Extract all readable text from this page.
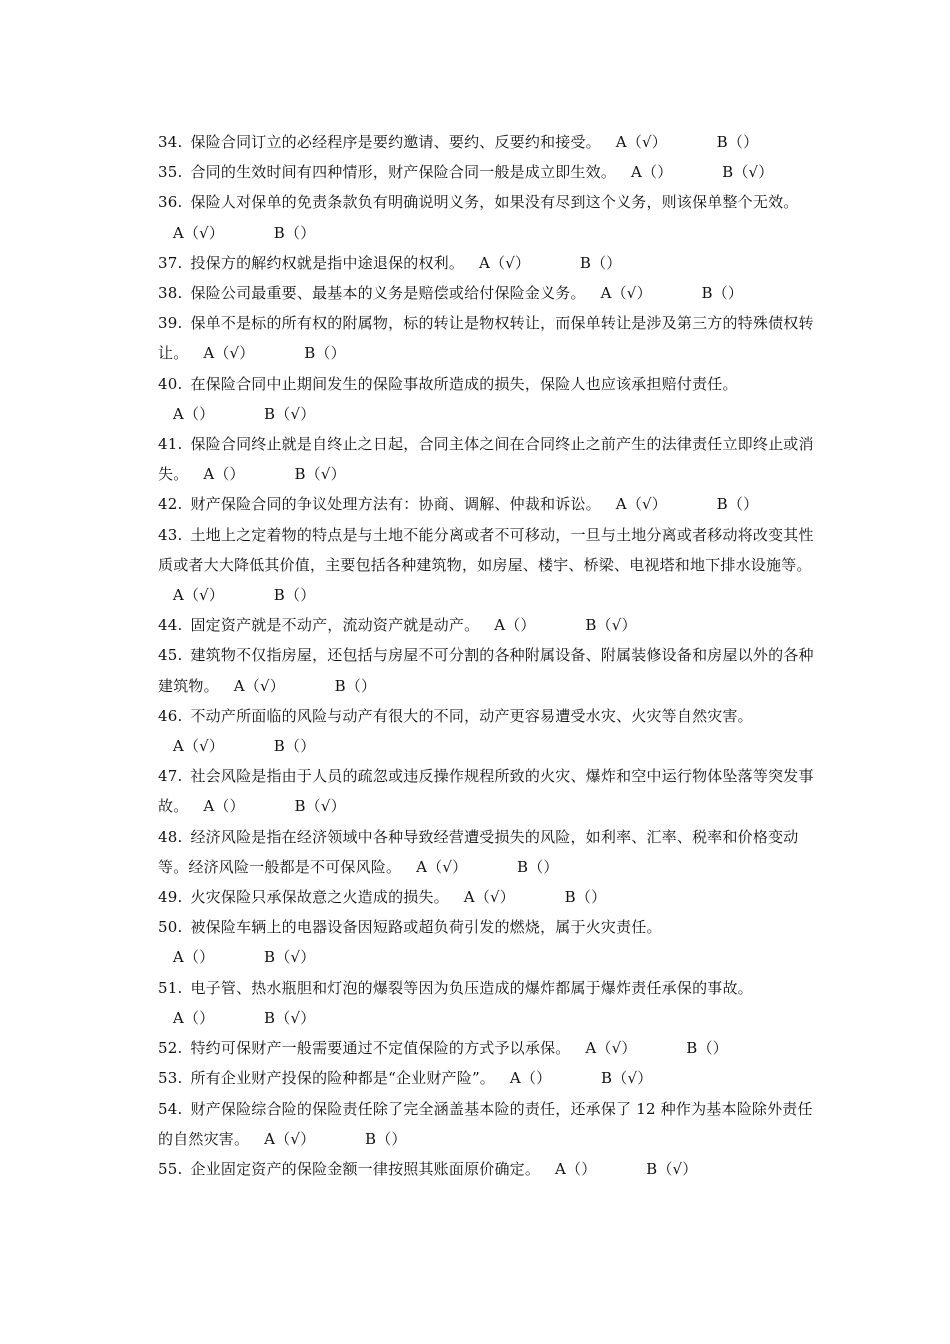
34. 保险合同订立的必经程序是要约邀请、要约、反要约和接受。 A（√）	B（）

35. 合同的生效时间有四种情形，财产保险合同一般是成立即生效。 A（）	B（√）

36. 保险人对保单的免责条款负有明确说明义务，如果没有尽到这个义务，则该保单整个无效。   A（√）	B（）

37. 投保方的解约权就是指中途退保的权利。 A（√）	B（）

38. 保险公司最重要、最基本的义务是赔偿或给付保险金义务。 A（√）	B（）

39. 保单不是标的所有权的附属物，标的转让是物权转让，而保单转让是涉及第三方的特殊债权转让。 A（√）	B（）

40. 在保险合同中止期间发生的保险事故所造成的损失，保险人也应该承担赔付责任。   A（）	B（√）

41. 保险合同终止就是自终止之日起，合同主体之间在合同终止之前产生的法律责任立即终止或消失。 A（）	B（√）

42. 财产保险合同的争议处理方法有：协商、调解、仲裁和诉讼。 A（√）	B（）

43. 土地上之定着物的特点是与土地不能分离或者不可移动，一旦与土地分离或者移动将改变其性质或者大大降低其价值，主要包括各种建筑物，如房屋、楼宇、桥梁、电视塔和地下排水设施等。   A（√）	B（）

44. 固定资产就是不动产，流动资产就是动产。 A（）	B（√）

45. 建筑物不仅指房屋，还包括与房屋不可分割的各种附属设备、附属装修设备和房屋以外的各种建筑物。 A（√）	B（）

46. 不动产所面临的风险与动产有很大的不同，动产更容易遭受水灾、火灾等自然灾害。   A（√）	B（）

47. 社会风险是指由于人员的疏忽或违反操作规程所致的火灾、爆炸和空中运行物体坠落等突发事故。 A（）	B（√）

48. 经济风险是指在经济领域中各种导致经营遭受损失的风险，如利率、汇率、税率和价格变动等。经济风险一般都是不可保风险。 A（√）	B（）

49. 火灾保险只承保故意之火造成的损失。 A（√）	B（）

50. 被保险车辆上的电器设备因短路或超负荷引发的燃烧，属于火灾责任。   A（）	B（√）

51. 电子管、热水瓶胆和灯泡的爆裂等因为负压造成的爆炸都属于爆炸责任承保的事故。   A（）	B（√）

52. 特约可保财产一般需要通过不定值保险的方式予以承保。 A（√）	B（）

53. 所有企业财产投保的险种都是“企业财产险”。 A（）	B（√）

54. 财产保险综合险的保险责任除了完全涵盖基本险的责任，还承保了 12 种作为基本险除外责任的自然灾害。 A（√）	B（）

55. 企业固定资产的保险金额一律按照其账面原价确定。 A（）	B（√）
